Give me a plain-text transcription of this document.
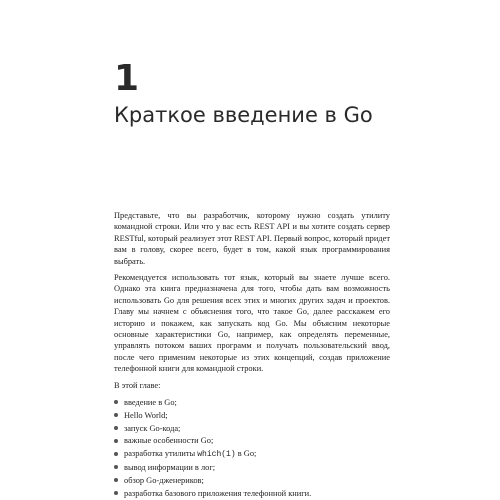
1
Краткое введение в Go

Представьте, что вы разработчик, которому нужно создать утилиту командной строки. Или что у вас есть REST API и вы хотите создать сервер RESTful, который реализует этот REST API. Первый вопрос, который придет вам в голову, скорее всего, будет в том, какой язык программирования выбрать.

Рекомендуется использовать тот язык, который вы знаете лучше всего. Однако эта книга предназначена для того, чтобы дать вам возможность использовать Go для решения всех этих и многих других задач и проектов. Главу мы начнем с объяснения того, что такое Go, далее расскажем его историю и покажем, как запускать код Go. Мы объясним некоторые основные характеристики Go, например, как определять переменные, управлять потоком ваших программ и получать пользовательский ввод, после чего применим некоторые из этих концепций, создав приложение телефонной книги для командной строки.

В этой главе:

введение в Go;
Hello World;
запуск Go-кода;
важные особенности Go;
разработка утилиты which(1) в Go;
вывод информации в лог;
обзор Go-дженериков;
разработка базового приложения телефонной книги.
